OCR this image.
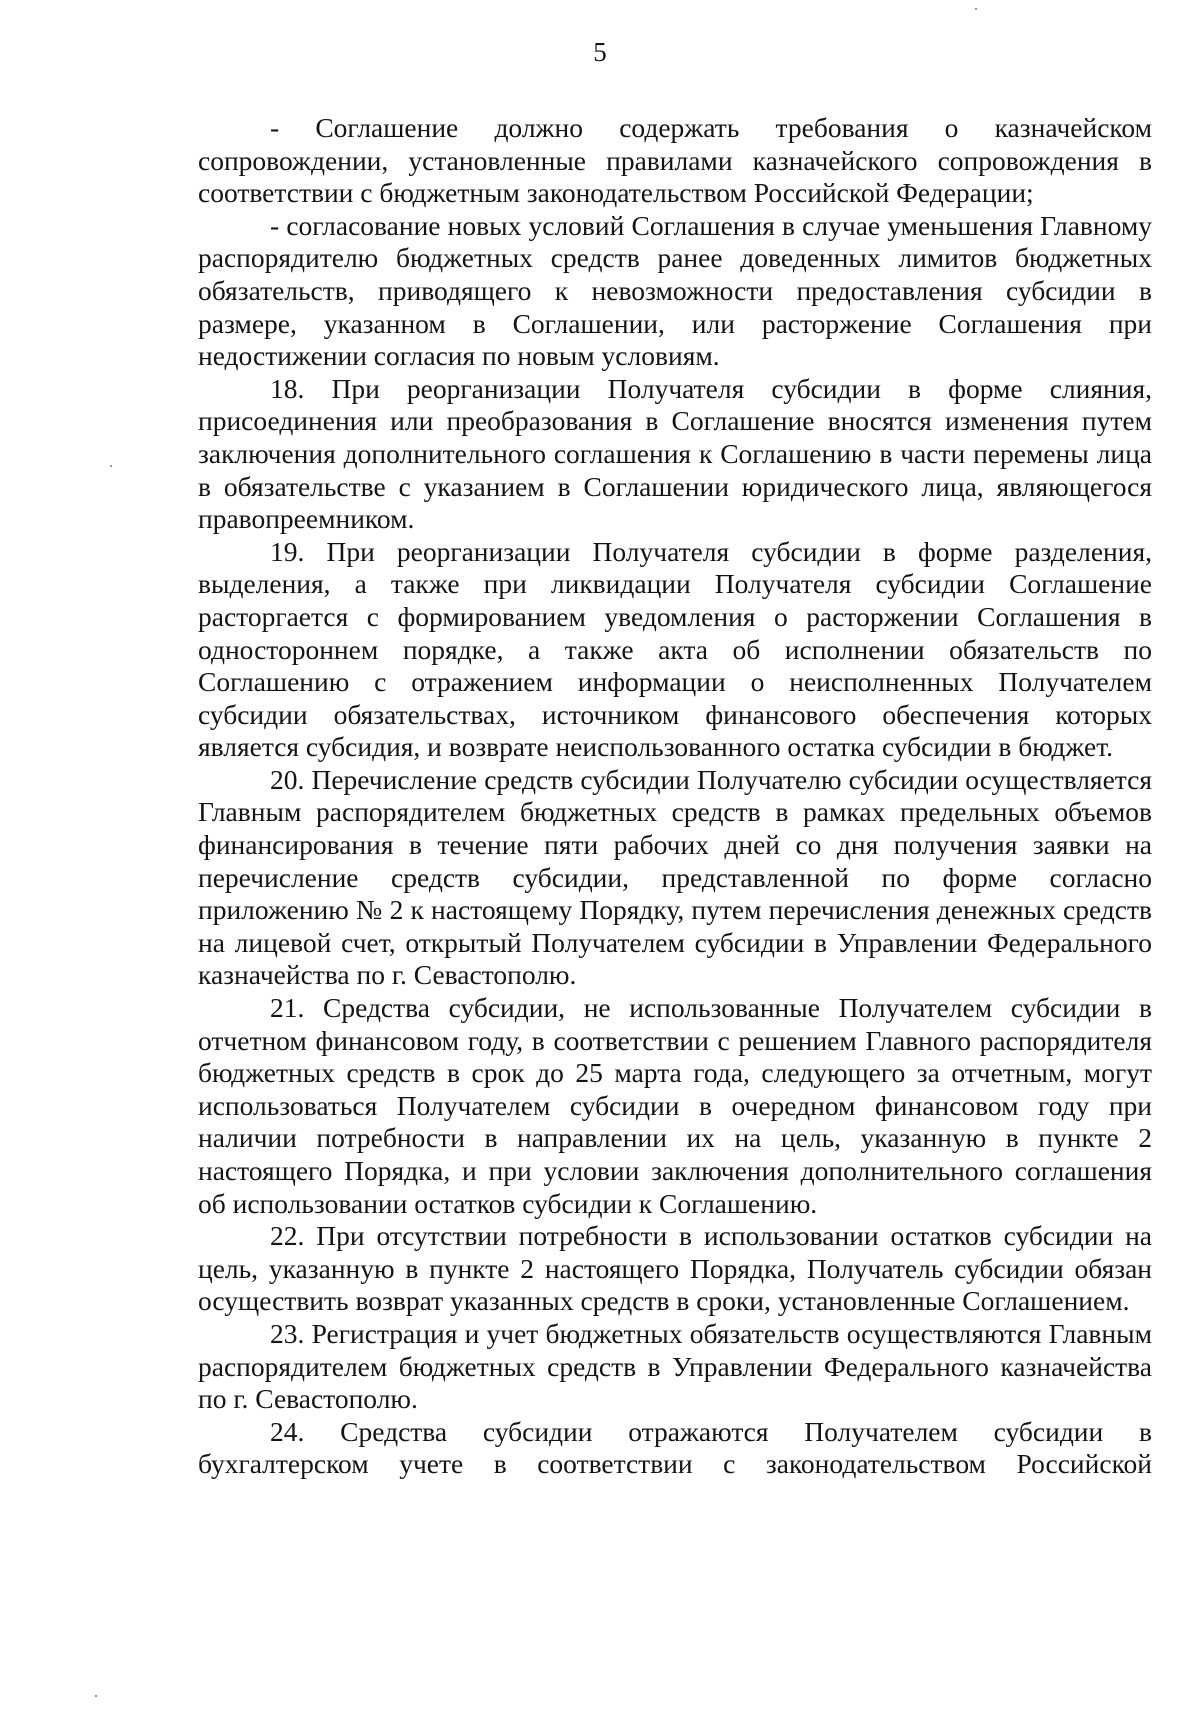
5

- Соглашение должно содержать требования о казначейском сопровождении, установленные правилами казначейского сопровождения в соответствии с бюджетным законодательством Российской Федерации;

- согласование новых условий Соглашения в случае уменьшения Главному распорядителю бюджетных средств ранее доведенных лимитов бюджетных обязательств, приводящего к невозможности предоставления субсидии в размере, указанном в Соглашении, или расторжение Соглашения при недостижении согласия по новым условиям.

18. При реорганизации Получателя субсидии в форме слияния, присоединения или преобразования в Соглашение вносятся изменения путем заключения дополнительного соглашения к Соглашению в части перемены лица в обязательстве с указанием в Соглашении юридического лица, являющегося правопреемником.

19. При реорганизации Получателя субсидии в форме разделения, выделения, а также при ликвидации Получателя субсидии Соглашение расторгается с формированием уведомления о расторжении Соглашения в одностороннем порядке, а также акта об исполнении обязательств по Соглашению с отражением информации о неисполненных Получателем субсидии обязательствах, источником финансового обеспечения которых является субсидия, и возврате неиспользованного остатка субсидии в бюджет.

20. Перечисление средств субсидии Получателю субсидии осуществляется Главным распорядителем бюджетных средств в рамках предельных объемов финансирования в течение пяти рабочих дней со дня получения заявки на перечисление средств субсидии, представленной по форме согласно приложению № 2 к настоящему Порядку, путем перечисления денежных средств на лицевой счет, открытый Получателем субсидии в Управлении Федерального казначейства по г. Севастополю.

21. Средства субсидии, не использованные Получателем субсидии в отчетном финансовом году, в соответствии с решением Главного распорядителя бюджетных средств в срок до 25 марта года, следующего за отчетным, могут использоваться Получателем субсидии в очередном финансовом году при наличии потребности в направлении их на цель, указанную в пункте 2 настоящего Порядка, и при условии заключения дополнительного соглашения об использовании остатков субсидии к Соглашению.

22. При отсутствии потребности в использовании остатков субсидии на цель, указанную в пункте 2 настоящего Порядка, Получатель субсидии обязан осуществить возврат указанных средств в сроки, установленные Соглашением.

23. Регистрация и учет бюджетных обязательств осуществляются Главным распорядителем бюджетных средств в Управлении Федерального казначейства по г. Севастополю.

24. Средства субсидии отражаются Получателем субсидии в бухгалтерском учете в соответствии с законодательством Российской
